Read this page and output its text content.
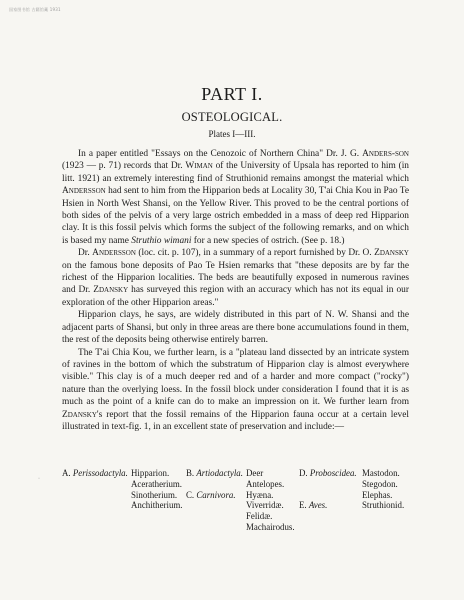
国家图书馆 古籍馆藏 1931
PART I.
OSTEOLOGICAL.
Plates I—III.

In a paper entitled "Essays on the Cenozoic of Northern China" Dr. J. G. Anders-son (1923 — p. 71) records that Dr. Wiman of the University of Upsala has reported to him (in litt. 1921) an extremely interesting find of Struthionid remains amongst the material which Andersson had sent to him from the Hipparion beds at Locality 30, T'ai Chia Kou in Pao Te Hsien in North West Shansi, on the Yellow River. This proved to be the central portions of both sides of the pelvis of a very large ostrich embedded in a mass of deep red Hipparion clay. It is this fossil pelvis which forms the subject of the following remarks, and on which is based my name Struthio wimani for a new species of ostrich. (See p. 18.)

Dr. Andersson (loc. cit. p. 107), in a summary of a report furnished by Dr. O. Zdansky on the famous bone deposits of Pao Te Hsien remarks that "these deposits are by far the richest of the Hipparion localities. The beds are beautifully exposed in numerous ravines and Dr. Zdansky has surveyed this region with an accuracy which has not its equal in our exploration of the other Hipparion areas."

Hipparion clays, he says, are widely distributed in this part of N. W. Shansi and the adjacent parts of Shansi, but only in three areas are there bone accumulations found in them, the rest of the deposits being otherwise entirely barren.

The T'ai Chia Kou, we further learn, is a "plateau land dissected by an intricate system of ravines in the bottom of which the substratum of Hipparion clay is almost everywhere visible." This clay is of a much deeper red and of a harder and more compact ("rocky") nature than the overlying loess. In the fossil block under consideration I found that it is as much as the point of a knife can do to make an impression on it. We further learn from Zdansky's report that the fossil remains of the Hipparion fauna occur at a certain level illustrated in text-fig. 1, in an excellent state of preservation and include:—

·
A. Perissodactyla. Hipparion.
Aceratherium.
Sinotherium.
Anchitherium.
B. Artiodactyla.
C. Carnivora.
Deer
Antelopes.
Hyæna.
Viverridæ.
Felidæ.
Machairodus.
D. Proboscidea.
E. Aves.
Mastodon.
Stegodon.
Elephas.
Struthionid.
